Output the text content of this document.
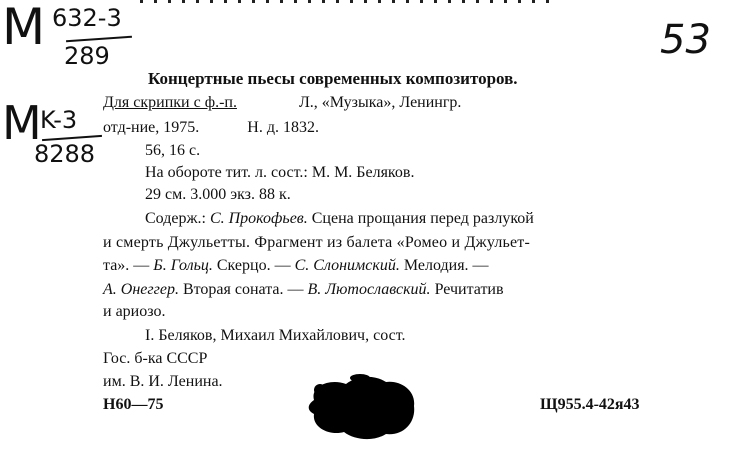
M 632-3
289
M
K-3
8288
53
Концертные пьесы современных композиторов.
Для скрипки с ф.-п.	Л., «Музыка», Ленингр.
отд-ние, 1975.	Н. д. 1832.
56, 16 с.
На обороте тит. л. сост.: М. М. Беляков.
29 см. 3.000 экз. 88 к.
Содерж.: С. Прокофьев. Сцена прощания перед разлукой
и смерть Джульетты. Фрагмент из балета «Ромео и Джульет-
та». — Б. Гольц. Скерцо. — С. Слонимский. Мелодия. —
А. Онеггер. Вторая соната. — В. Лютославский. Речитатив
и ариозо.
I. Беляков, Михаил Михайлович, сост.
Гос. б-ка СССР
им. В. И. Ленина.
Н60—75	Щ955.4-42я43
